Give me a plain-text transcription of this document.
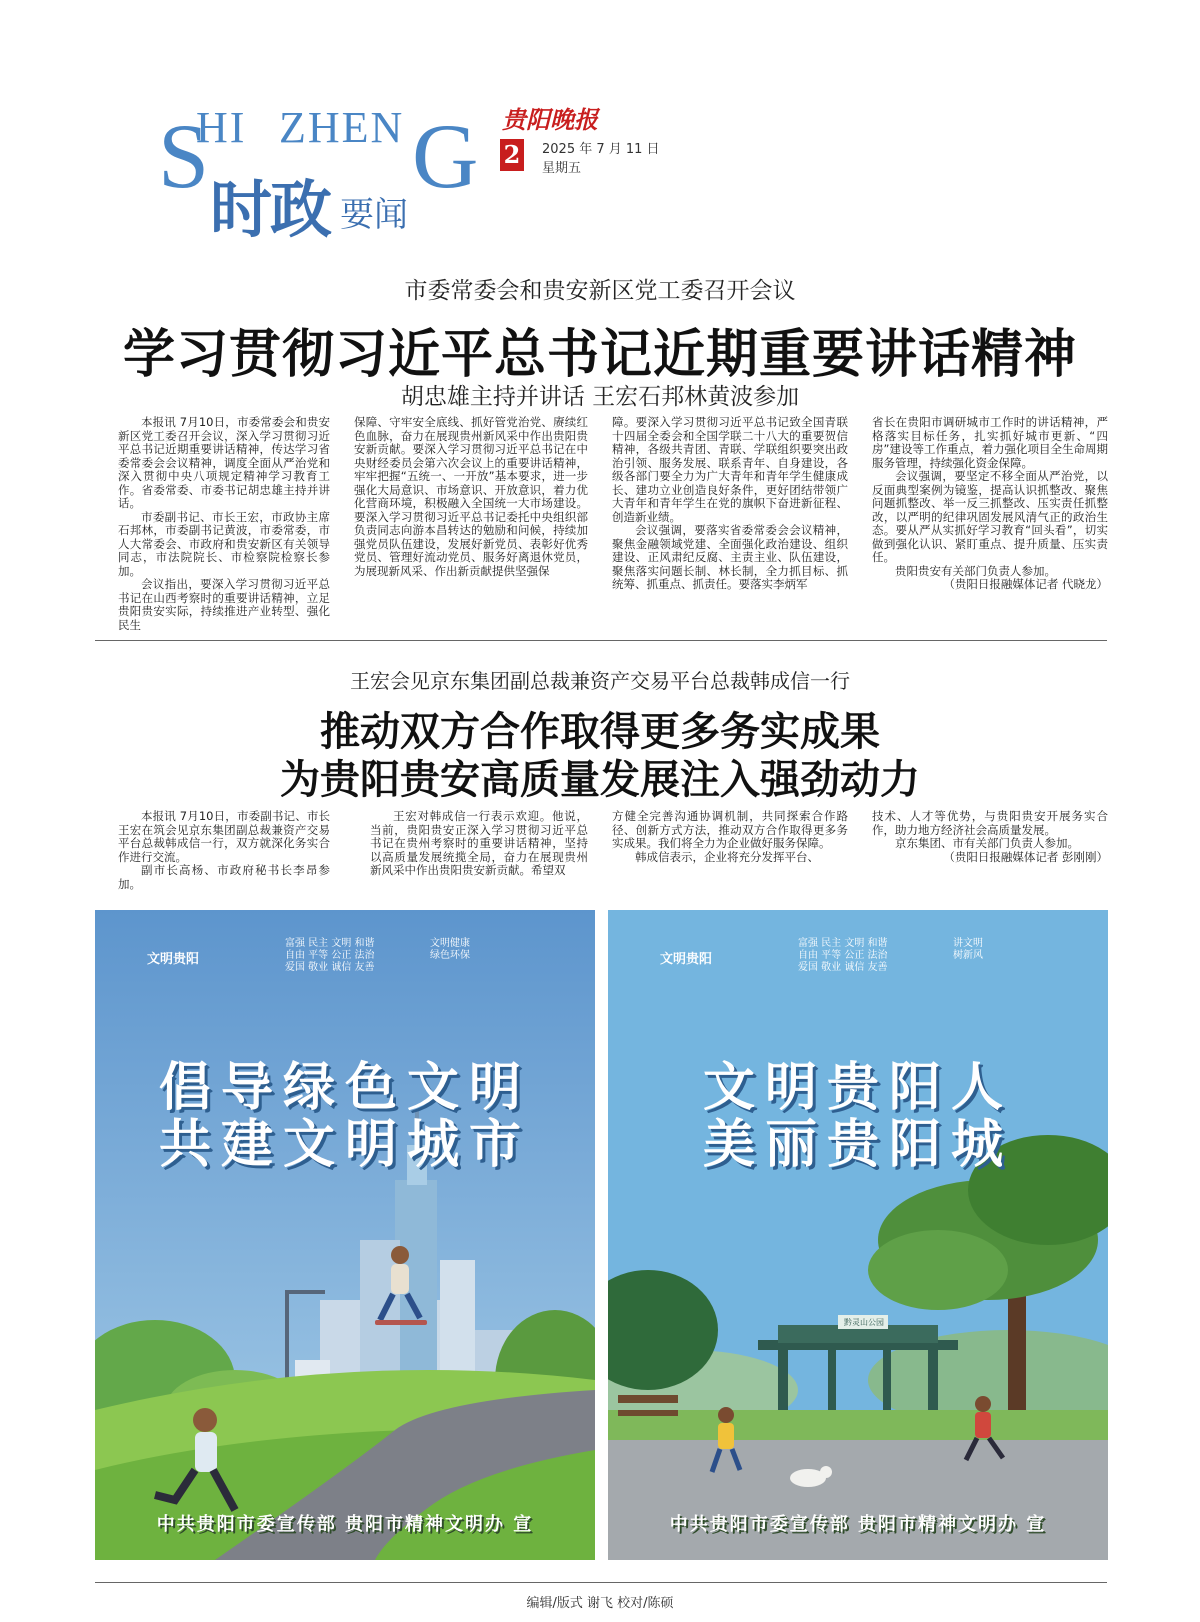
S
HI ZHEN G
时政 要闻
贵阳晚报
2 2025 年 7 月 11 日
星期五
市委常委会和贵安新区党工委召开会议
学习贯彻习近平总书记近期重要讲话精神
胡忠雄主持并讲话 王宏石邦林黄波参加

本报讯 7月10日，市委常委会和贵安新区党工委召开会议，深入学习贯彻习近平总书记近期重要讲话精神，传达学习省委常委会会议精神，调度全面从严治党和深入贯彻中央八项规定精神学习教育工作。省委常委、市委书记胡忠雄主持并讲话。

市委副书记、市长王宏，市政协主席石邦林，市委副书记黄波，市委常委，市人大常委会、市政府和贵安新区有关领导同志，市法院院长、市检察院检察长参加。

会议指出，要深入学习贯彻习近平总书记在山西考察时的重要讲话精神，立足贵阳贵安实际，持续推进产业转型、强化民生

保障、守牢安全底线、抓好管党治党、赓续红色血脉，奋力在展现贵州新风采中作出贵阳贵安新贡献。要深入学习贯彻习近平总书记在中央财经委员会第六次会议上的重要讲话精神，牢牢把握“五统一、一开放”基本要求，进一步强化大局意识、市场意识、开放意识，着力优化营商环境，积极融入全国统一大市场建设。要深入学习贯彻习近平总书记委托中央组织部负责同志向游本昌转达的勉励和问候，持续加强党员队伍建设，发展好新党员、表彰好优秀党员、管理好流动党员、服务好离退休党员，为展现新风采、作出新贡献提供坚强保

障。要深入学习贯彻习近平总书记致全国青联十四届全委会和全国学联二十八大的重要贺信精神，各级共青团、青联、学联组织要突出政治引领、服务发展、联系青年、自身建设，各级各部门要全力为广大青年和青年学生健康成长、建功立业创造良好条件，更好团结带领广大青年和青年学生在党的旗帜下奋进新征程、创造新业绩。

会议强调，要落实省委常委会会议精神，聚焦金融领域党建、全面强化政治建设、组织建设、正风肃纪反腐、主责主业、队伍建设，聚焦落实问题长制、林长制，全力抓目标、抓统筹、抓重点、抓责任。要落实李炳军

省长在贵阳市调研城市工作时的讲话精神，严格落实目标任务，扎实抓好城市更新、“四房”建设等工作重点，着力强化项目全生命周期服务管理，持续强化资金保障。

会议强调，要坚定不移全面从严治党，以反面典型案例为镜鉴，提高认识抓整改、聚焦问题抓整改、举一反三抓整改、压实责任抓整改，以严明的纪律巩固发展风清气正的政治生态。要从严从实抓好学习教育“回头看”，切实做到强化认识、紧盯重点、提升质量、压实责任。

贵阳贵安有关部门负责人参加。

（贵阳日报融媒体记者 代晓龙）

王宏会见京东集团副总裁兼资产交易平台总裁韩成信一行
推动双方合作取得更多务实成果
为贵阳贵安高质量发展注入强劲动力

本报讯 7月10日，市委副书记、市长王宏在筑会见京东集团副总裁兼资产交易平台总裁韩成信一行，双方就深化务实合作进行交流。

副市长高杨、市政府秘书长李昂参加。

王宏对韩成信一行表示欢迎。他说，当前，贵阳贵安正深入学习贯彻习近平总书记在贵州考察时的重要讲话精神，坚持以高质量发展统揽全局，奋力在展现贵州新风采中作出贵阳贵安新贡献。希望双

方健全完善沟通协调机制，共同探索合作路径、创新方式方法，推动双方合作取得更多务实成果。我们将全力为企业做好服务保障。

韩成信表示，企业将充分发挥平台、

技术、人才等优势，与贵阳贵安开展务实合作，助力地方经济社会高质量发展。

京东集团、市有关部门负责人参加。

（贵阳日报融媒体记者 彭刚刚）

文明贵阳
富强 民主 文明 和谐
自由 平等 公正 法治
爱国 敬业 诚信 友善
文明健康
绿色环保
倡导绿色文明
共建文明城市
中共贵阳市委宣传部 贵阳市精神文明办 宣
文明贵阳
富强 民主 文明 和谐
自由 平等 公正 法治
爱国 敬业 诚信 友善
讲文明
树新风
黔灵山公园
文明贵阳人
美丽贵阳城
中共贵阳市委宣传部 贵阳市精神文明办 宣
编辑/版式 谢飞 校对/陈硕
